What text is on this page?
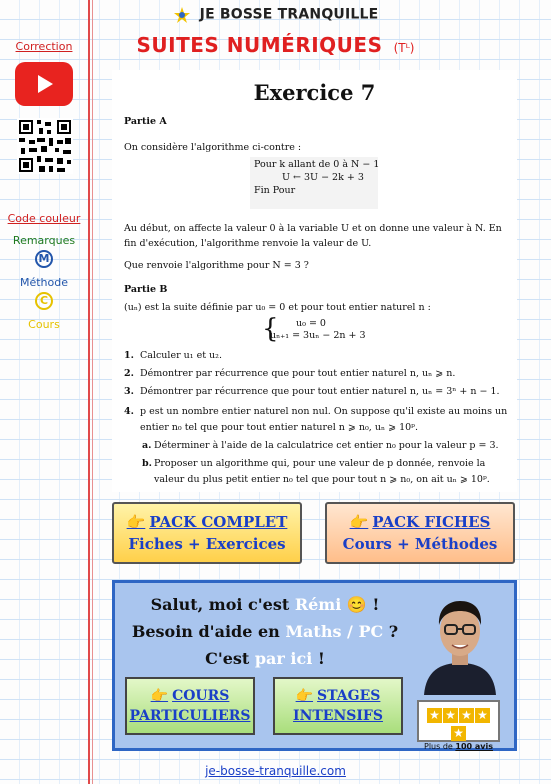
JE BOSSE TRANQUILLE
SUITES NUMÉRIQUES (Tᴸ)
Correction
Code couleur
Remarques
M
Méthode
C
Cours
Exercice 7
Partie A
On considère l'algorithme ci-contre :
Pour k allant de 0 à N − 1
U ← 3U − 2k + 3
Fin Pour
Au début, on affecte la valeur 0 à la variable U et on donne une valeur à N. En fin d'exécution, l'algorithme renvoie la valeur de U.
Que renvoie l'algorithme pour N = 3 ?
Partie B
(uₙ) est la suite définie par u₀ = 0 et pour tout entier naturel n :
{ u₀ = 0
uₙ₊₁ = 3uₙ − 2n + 3
1. Calculer u₁ et u₂.
2. Démontrer par récurrence que pour tout entier naturel n, uₙ ⩾ n.
3. Démontrer par récurrence que pour tout entier naturel n, uₙ = 3ⁿ + n − 1.
4. p est un nombre entier naturel non nul. On suppose qu'il existe au moins un entier n₀ tel que pour tout entier naturel n ⩾ n₀, uₙ ⩾ 10ᵖ.
a. Déterminer à l'aide de la calculatrice cet entier n₀ pour la valeur p = 3.
b. Proposer un algorithme qui, pour une valeur de p donnée, renvoie la valeur du plus petit entier n₀ tel que pour tout n ⩾ n₀, on ait uₙ ⩾ 10ᵖ.
👉 PACK COMPLET
Fiches + Exercices
👉 PACK FICHES
Cours + Méthodes
Salut, moi c'est Rémi 😊 !
Besoin d'aide en Maths / PC ?
C'est par ici !
👉 COURS
PARTICULIERS
👉 STAGES
INTENSIFS	★ ★ ★ ★★
Plus de 100 avis
je-bosse-tranquille.com
